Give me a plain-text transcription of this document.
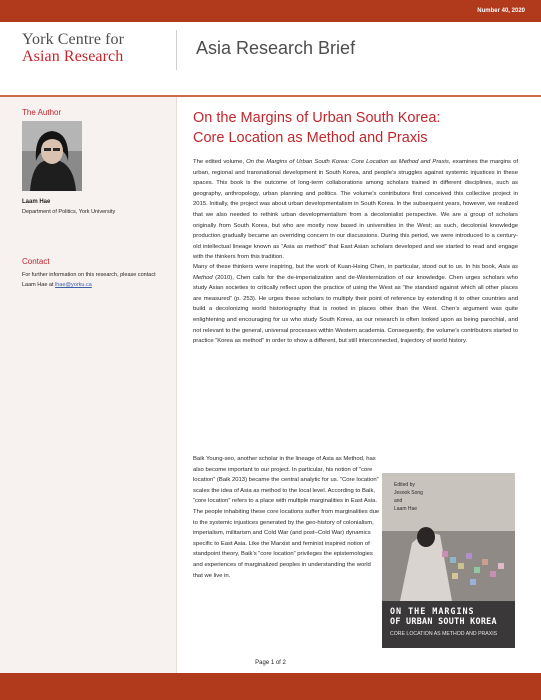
Number 40, 2020
York Centre for
Asian Research	Asia Research Brief
The Author
Laam Hae
Department of Politics, York University
Contact
For further information on this research, please contact Laam Hae at lhae@yorku.ca
On the Margins of Urban South Korea:
Core Location as Method and Praxis

The edited volume, On the Margins of Urban South Korea: Core Location as Method and Praxis, examines the margins of urban, regional and transnational development in South Korea, and people’s struggles against systemic injustices in these spaces. This book is the outcome of long-term collaborations among scholars trained in different disciplines, such as geography, anthropology, urban planning and politics. The volume’s contributors first conceived this collective project in 2015. Initially, the project was about urban developmentalism in South Korea. In the subsequent years, however, we realized that we also needed to rethink urban developmentalism from a decolonialist perspective. We are a group of scholars originally from South Korea, but who are mostly now based in universities in the West; as such, decolonial knowledge production gradually became an overriding concern in our discussions. During this period, we were introduced to a century-old intellectual lineage known as “Asia as method” that East Asian scholars developed and we started to read and engage with the thinkers from this tradition.

Many of these thinkers were inspiring, but the work of Kuan-Hsing Chen, in particular, stood out to us. In his book, Asia as Method (2010), Chen calls for the de-imperialization and de-Westernization of our knowledge. Chen urges scholars who study Asian societies to critically reflect upon the practice of using the West as “the standard against which all other places are measured” (p. 253). He urges these scholars to multiply their point of reference by extending it to other countries and build a decolonizing world historiography that is rooted in places other than the West. Chen’s argument was quite enlightening and encouraging for us who study South Korea, as our research is often looked upon as being parochial, and not relevant to the general, universal processes within Western academia. Consequently, the volume’s contributors started to practice “Korea as method” in order to show a different, but still interconnected, trajectory of world history.

Baik Young-seo, another scholar in the lineage of Asia as Method, has also become important to our project. In particular, his notion of “core location” (Baik 2013) became the central analytic for us. “Core location” scales the idea of Asia as method to the local level. According to Baik, “core location” refers to a place with multiple marginalities in East Asia. The people inhabiting these core locations suffer from marginalities due to the systemic injustices generated by the geo-history of colonialism, imperialism, militarism and Cold War (and post–Cold War) dynamics specific to East Asia. Like the Marxist and feminist inspired notion of standpoint theory, Baik’s “core location” privileges the epistemologies and experiences of marginalized peoples in understanding the world that we live in.

Edited by
Jesook Song
and
Laam Hae
ON THE MARGINS
OF URBAN SOUTH KOREA
CORE LOCATION AS METHOD AND PRAXIS
Page 1 of 2
